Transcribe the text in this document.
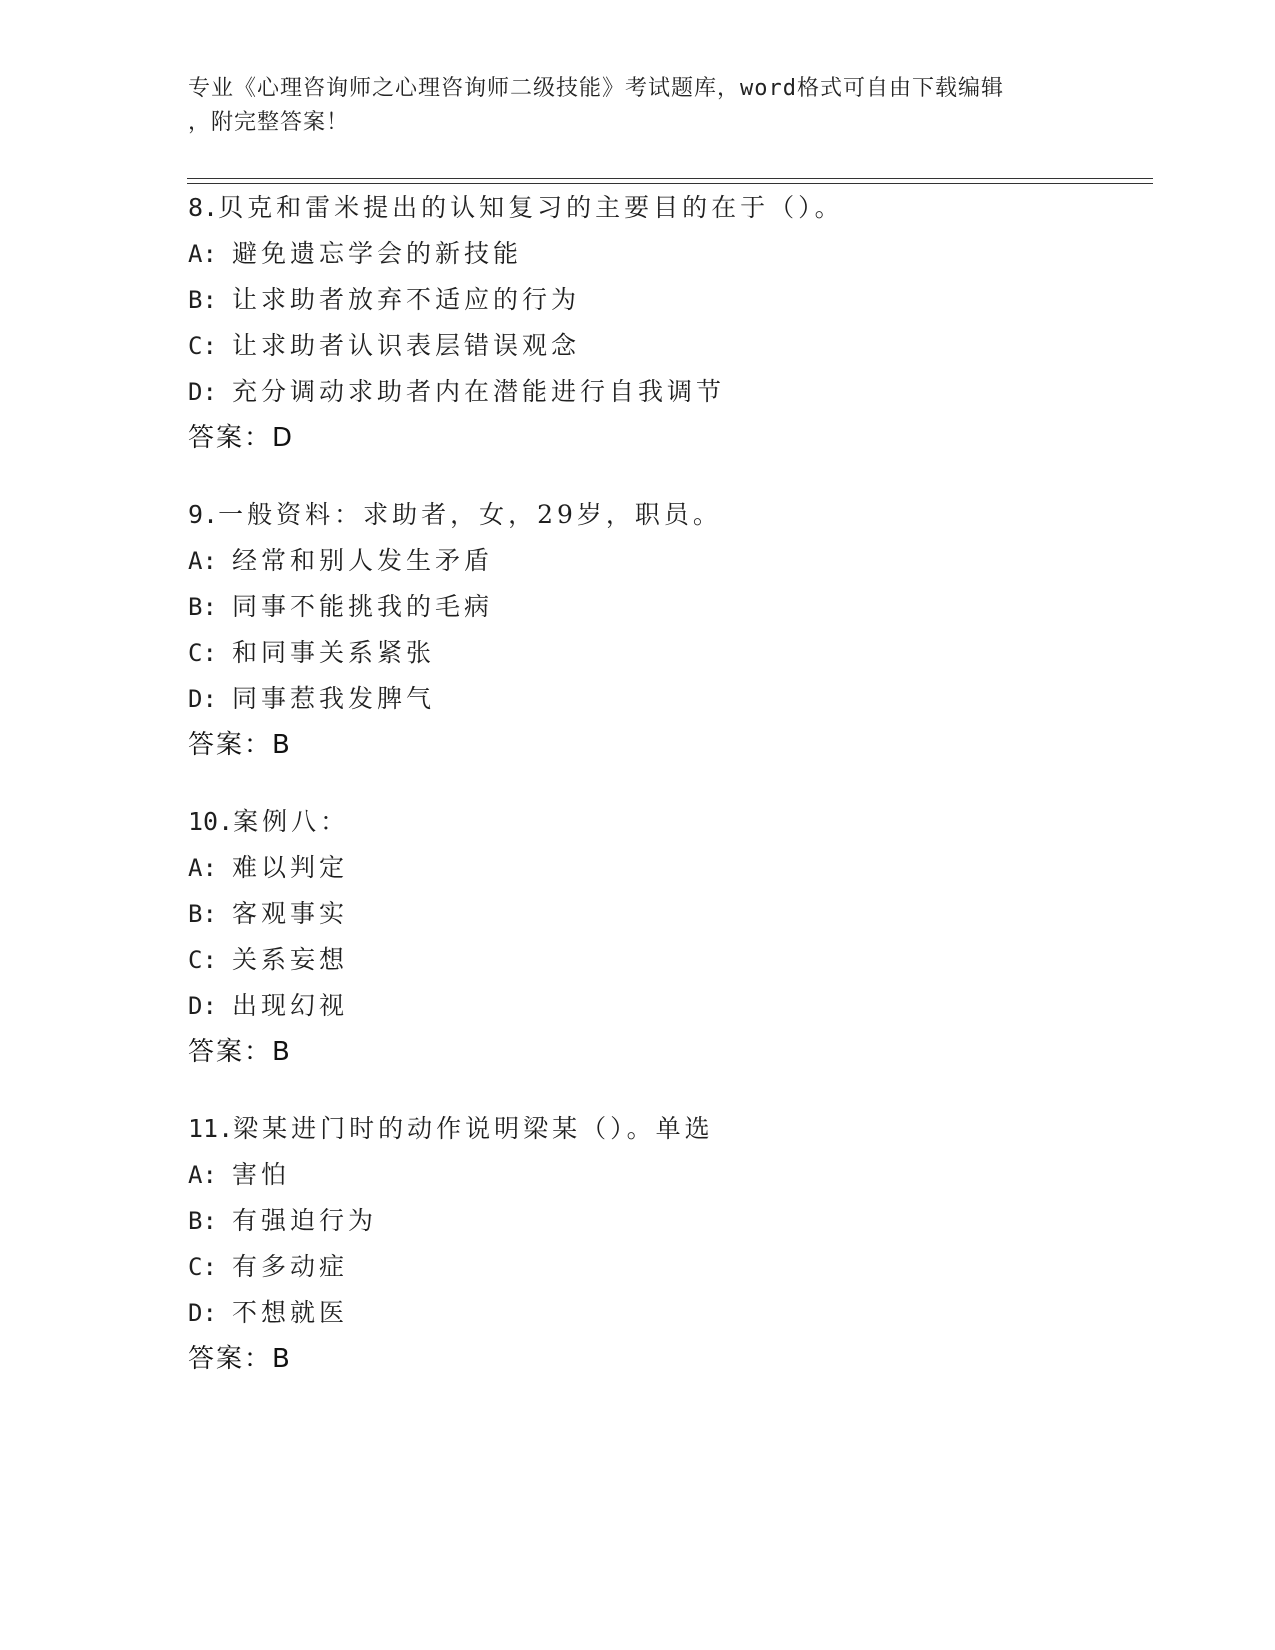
专业《心理咨询师之心理咨询师二级技能》考试题库，word格式可自由下载编辑
，附完整答案！
8.贝克和雷米提出的认知复习的主要目的在于（）。
A: 避免遗忘学会的新技能
B: 让求助者放弃不适应的行为
C: 让求助者认识表层错误观念
D: 充分调动求助者内在潜能进行自我调节
答案：D
9.一般资料：求助者，女，29岁，职员。
A: 经常和别人发生矛盾
B: 同事不能挑我的毛病
C: 和同事关系紧张
D: 同事惹我发脾气
答案：B
10.案例八：
A: 难以判定
B: 客观事实
C: 关系妄想
D: 出现幻视
答案：B
11.梁某进门时的动作说明梁某（）。单选
A: 害怕
B: 有强迫行为
C: 有多动症
D: 不想就医
答案：B
